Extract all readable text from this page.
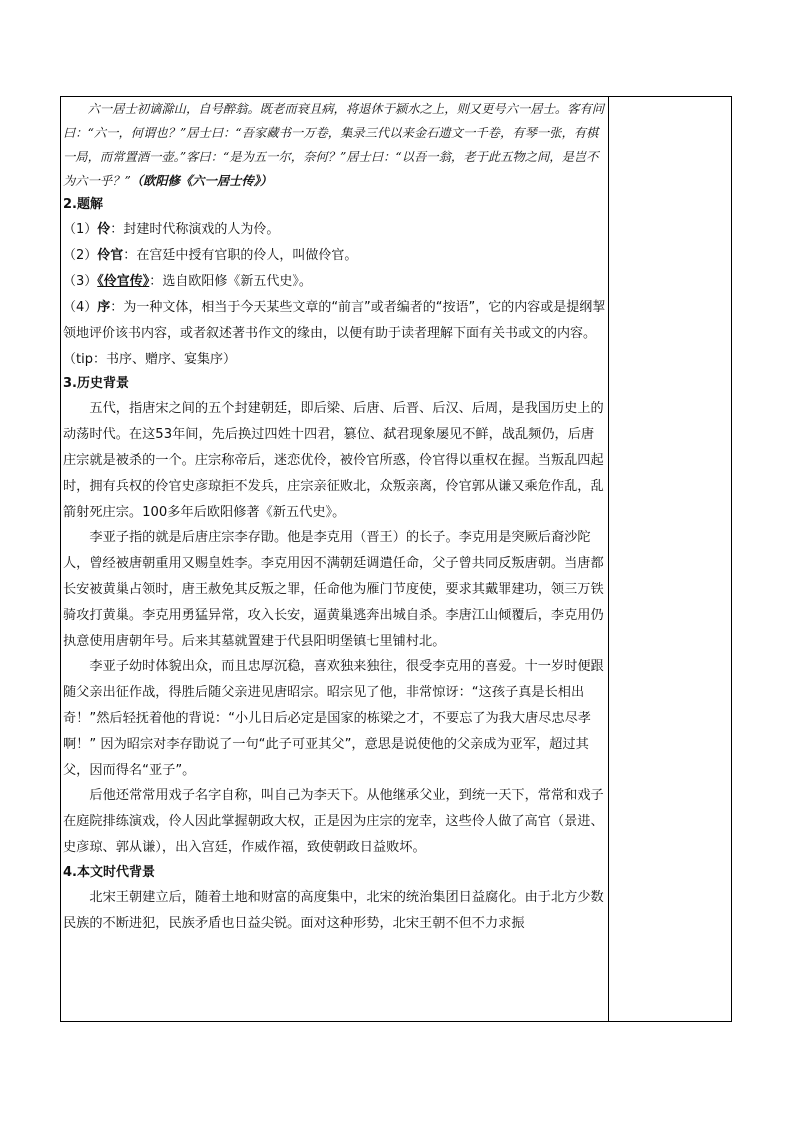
六一居士初谪滁山，自号醉翁。既老而衰且病，将退休于颍水之上，则又更号六一居士。客有问曰：“六一，何谓也？”居士曰：“吾家藏书一万卷，集录三代以来金石遗文一千卷，有琴一张，有棋一局，而常置酒一壶。”客曰：“是为五一尔，奈何？”居士曰：“以吾一翁，老于此五物之间，是岂不为六一乎？”（欧阳修《六一居士传》）

2.题解

（1）伶：封建时代称演戏的人为伶。

（2）伶官：在宫廷中授有官职的伶人，叫做伶官。

（3）《伶官传》：选自欧阳修《新五代史》。

（4）序：为一种文体，相当于今天某些文章的“前言”或者编者的“按语”，它的内容或是提纲挈领地评价该书内容，或者叙述著书作文的缘由，以便有助于读者理解下面有关书或文的内容。（tip：书序、赠序、宴集序）

3.历史背景

五代，指唐宋之间的五个封建朝廷，即后梁、后唐、后晋、后汉、后周，是我国历史上的动荡时代。在这53年间，先后换过四姓十四君，篡位、弑君现象屡见不鲜，战乱频仍，后唐庄宗就是被杀的一个。庄宗称帝后，迷恋优伶，被伶官所惑，伶官得以重权在握。当叛乱四起时，拥有兵权的伶官史彦琼拒不发兵，庄宗亲征败北，众叛亲离，伶官郭从谦又乘危作乱，乱箭射死庄宗。100多年后欧阳修著《新五代史》。

李亚子指的就是后唐庄宗李存勖。他是李克用（晋王）的长子。李克用是突厥后裔沙陀人，曾经被唐朝重用又赐皇姓李。李克用因不满朝廷调遣任命，父子曾共同反叛唐朝。当唐都长安被黄巢占领时，唐王赦免其反叛之罪，任命他为雁门节度使，要求其戴罪建功，领三万铁骑攻打黄巢。李克用勇猛异常，攻入长安，逼黄巢逃奔出城自杀。李唐江山倾覆后，李克用仍执意使用唐朝年号。后来其墓就置建于代县阳明堡镇七里铺村北。

李亚子幼时体貌出众，而且忠厚沉稳，喜欢独来独往，很受李克用的喜爱。十一岁时便跟随父亲出征作战，得胜后随父亲进见唐昭宗。昭宗见了他，非常惊讶：“这孩子真是长相出奇！”然后轻抚着他的背说：“小儿日后必定是国家的栋梁之才，不要忘了为我大唐尽忠尽孝啊！” 因为昭宗对李存勖说了一句“此子可亚其父”，意思是说使他的父亲成为亚军，超过其父，因而得名“亚子”。

后他还常常用戏子名字自称，叫自己为李天下。从他继承父业，到统一天下，常常和戏子在庭院排练演戏，伶人因此掌握朝政大权，正是因为庄宗的宠幸，这些伶人做了高官（景进、史彦琼、郭从谦），出入宫廷，作威作福，致使朝政日益败坏。

4.本文时代背景

北宋王朝建立后，随着土地和财富的高度集中，北宋的统治集团日益腐化。由于北方少数民族的不断进犯，民族矛盾也日益尖锐。面对这种形势，北宋王朝不但不力求振
